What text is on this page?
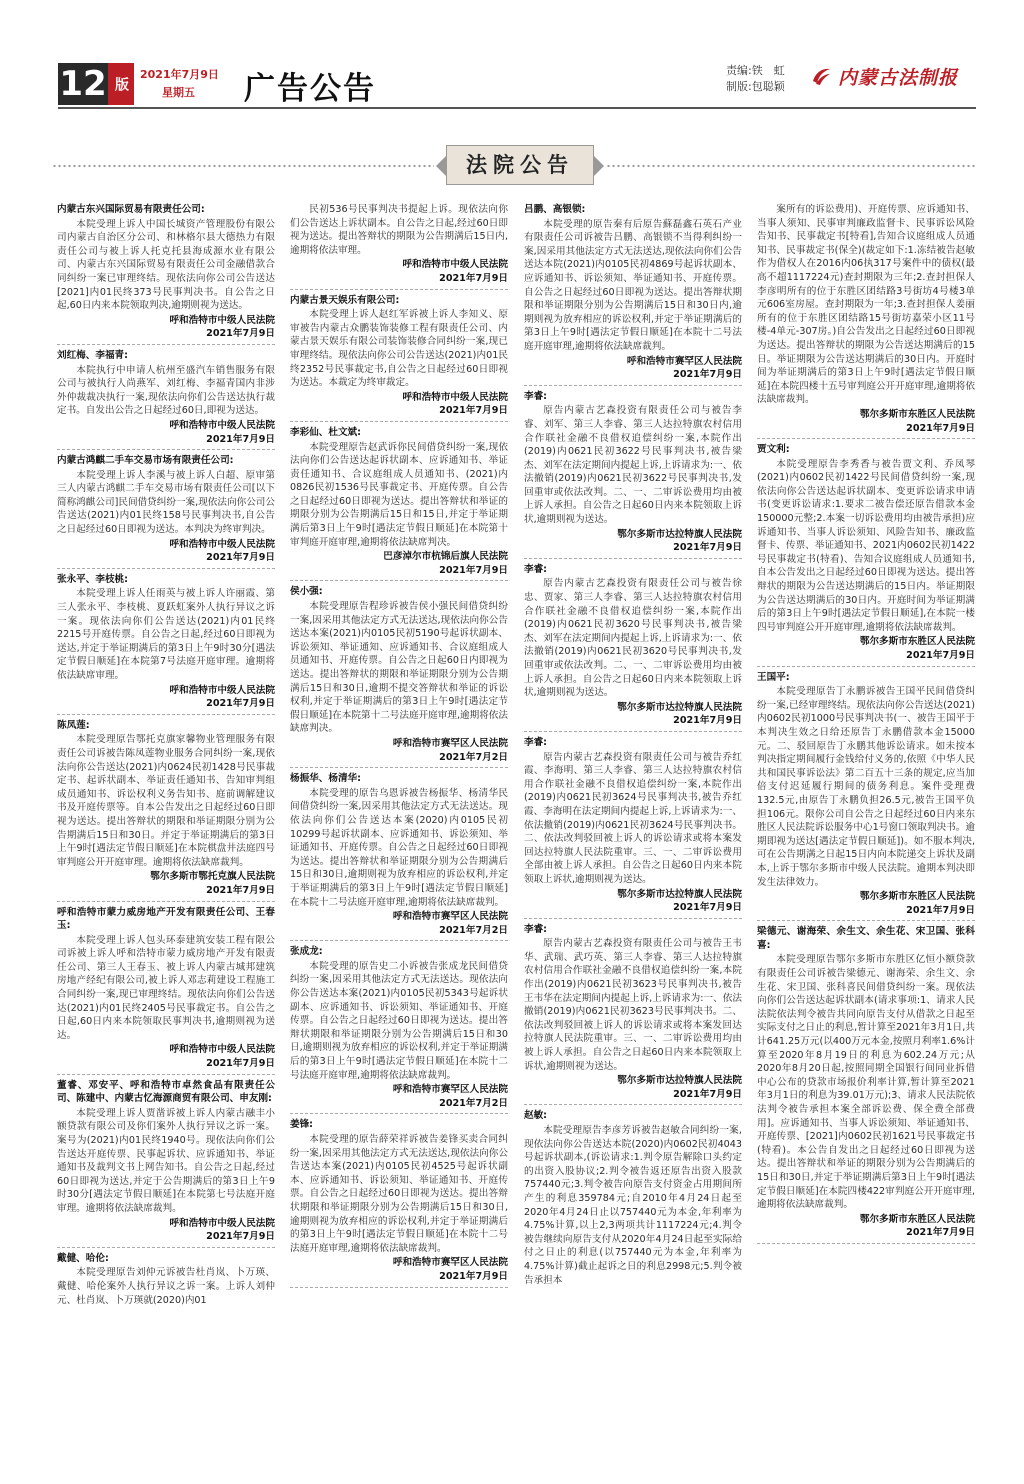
12 版
2021年7月9日
星期五	广告公告
责编:铁　虹
制版:包聪颖	内蒙古法制报
法院公告
内蒙古东兴国际贸易有限责任公司:
本院受理上诉人中国长城资产管理股份有限公司内蒙古自治区分公司、和林格尔县大德热力有限责任公司与被上诉人托克托县海成源水业有限公司、内蒙古东兴国际贸易有限责任公司金融借款合同纠纷一案已审理终结。现依法向你公司公告送达[2021]内01民终373号民事判决书。自公告之日起,60日内来本院领取判决,逾期则视为送达。
呼和浩特市中级人民法院
2021年7月9日
刘红梅、李福青:
本院执行中申请人杭州至盛汽车销售服务有限公司与被执行人尚燕军、刘红梅、李福青国内非涉外仲裁裁决执行一案,现依法向你们公告送达执行裁定书。自发出公告之日起经过60日,即视为送达。
呼和浩特市中级人民法院
2021年7月9日
内蒙古鸿麒二手车交易市场有限责任公司:
本院受理上诉人李溪与被上诉人白超、原审第三人内蒙古鸿麒二手车交易市场有限责任公司[以下简称鸿麒公司]民间借贷纠纷一案,现依法向你公司公告送达(2021)内01民终158号民事判决书,自公告之日起经过60日即视为送达。本判决为终审判决。
呼和浩特市中级人民法院
2021年7月9日
张永平、李枝桃:
本院受理上诉人任雨英与被上诉人许丽霞、第三人张永平、李枝桃、夏跃虹案外人执行异议之诉一案。现依法向你们公告送达(2021)内01民终2215号开庭传票。自公告之日起,经过60日即视为送达,并定于举证期满后的第3日上午9时30分[遇法定节假日顺延]在本院第7号法庭开庭审理。逾期将依法缺席审理。
呼和浩特市中级人民法院
2021年7月9日
陈凤莲:
本院受理原告鄂托克旗家馨物业管理服务有限责任公司诉被告陈凤莲物业服务合同纠纷一案,现依法向你公告送达(2021)内0624民初1428号民事裁定书、起诉状副本、举证责任通知书、告知审判组成员通知书、诉讼权利义务告知书、庭前调解建议书及开庭传票等。自本公告发出之日起经过60日即视为送达。提出答辩状的期限和举证期限分别为公告期满后15日和30日。并定于举证期满后的第3日上午9时[遇法定节假日顺延]在本院棋盘井法庭四号审判庭公开开庭审理。逾期将依法缺席裁判。
鄂尔多斯市鄂托克旗人民法院
2021年7月9日
呼和浩特市蒙力威房地产开发有限责任公司、王春玉:
本院受理上诉人包头环泰建筑安装工程有限公司诉被上诉人呼和浩特市蒙力威房地产开发有限责任公司、第三人王春玉、被上诉人内蒙古城邦建筑房地产经纪有限公司,被上诉人邓志莉建设工程施工合同纠纷一案,现已审理终结。现依法向你们公告送达(2021)内01民终2405号民事裁定书。自公告之日起,60日内来本院领取民事判决书,逾期则视为送达。
呼和浩特市中级人民法院
2021年7月9日
董睿、邓安平、呼和浩特市卓然食品有限责任公司、陈建中、内蒙古忆海源商贸有限公司、申友刚:
本院受理上诉人贾凿诉被上诉人内蒙古融丰小额贷款有限公司及你们案外人执行异议之诉一案。案号为(2021)内01民终1940号。现依法向你们公告送达开庭传票、民事起诉状、应诉通知书、举证通知书及裁判文书上网告知书。自公告之日起,经过60日即视为送达,并定于公告期满后的第3日上午9时30分[遇法定节假日顺延]在本院第七号法庭开庭审理。逾期将依法缺席裁判。
呼和浩特市中级人民法院
2021年7月9日
戴健、哈伦:
本院受理原告刘仲元诉被告杜肖岚、卜万瑛、戴健、哈伦案外人执行异议之诉一案。上诉人刘仲元、杜肖岚、卜万瑛就(2020)内01
民初536号民事判决书提起上诉。现依法向你们公告送达上诉状副本。自公告之日起,经过60日即视为送达。提出答辩状的期限为公告期满后15日内,逾期将依法审理。
呼和浩特市中级人民法院
2021年7月9日
内蒙古景天娱乐有限公司:
本院受理上诉人赵红军诉被上诉人李知义、原审被告内蒙古众鹏装饰装修工程有限责任公司、内蒙古景天娱乐有限公司装饰装修合同纠纷一案,现已审理终结。现依法向你公司公告送达(2021)内01民终2352号民事裁定书,自公告之日起经过60日即视为送达。本裁定为终审裁定。
呼和浩特市中级人民法院
2021年7月9日
李彩仙、杜文斌:
本院受理原告赵武诉你民间借贷纠纷一案,现依法向你们公告送达起诉状副本、应诉通知书、举证责任通知书、合议庭组成人员通知书、(2021)内0826民初1536号民事裁定书、开庭传票。自公告之日起经过60日即视为送达。提出答辩状和举证的期限分别为公告期满后15日和15日,并定于举证期满后第3日上午9时[遇法定节假日顺延]在本院第十审判庭开庭审理,逾期将依法缺席判决。
巴彦淖尔市杭锦后旗人民法院
2021年7月9日
侯小强:
本院受理原告程珍诉被告侯小强民间借贷纠纷一案,因采用其他法定方式无法送达,现依法向你公告送达本案(2021)内0105民初5190号起诉状副本、诉讼须知、举证通知、应诉通知书、合议庭组成人员通知书、开庭传票。自公告之日起60日内即视为送达。提出答辩状的期限和举证期限分别为公告期满后15日和30日,逾期不提交答辩状和举证的诉讼权利,并定于举证期满后的第3日上午9时[遇法定节假日顺延]在本院第十二号法庭开庭审理,逾期将依法缺席判决。
呼和浩特市赛罕区人民法院
2021年7月2日
杨振华、杨清华:
本院受理的原告乌恩诉被告杨振华、杨清华民间借贷纠纷一案,因采用其他法定方式无法送达。现依法向你们公告送达本案(2020)内0105民初10299号起诉状副本、应诉通知书、诉讼须知、举证通知书、开庭传票。自公告之日起经过60日即视为送达。提出答辩状和举证期限分别为公告期满后15日和30日,逾期则视为放弃相应的诉讼权利,并定于举证期满后的第3日上午9时[遇法定节假日顺延]在本院十二号法庭开庭审理,逾期将依法缺席裁判。
呼和浩特市赛罕区人民法院
2021年7月2日
张成龙:
本院受理的原告史二小诉被告张成龙民间借贷纠纷一案,因采用其他法定方式无法送达。现依法向你公告送达本案(2021)内0105民初5343号起诉状副本、应诉通知书、诉讼须知、举证通知书、开庭传票。自公告之日起经过60日即视为送达。提出答辩状期限和举证期限分别为公告期满后15日和30日,逾期则视为放弃相应的诉讼权利,并定于举证期满后的第3日上午9时[遇法定节假日顺延]在本院十二号法庭开庭审理,逾期将依法缺席裁判。
呼和浩特市赛罕区人民法院
2021年7月2日
姜锋:
本院受理的原告薛荣祥诉被告姜锋买卖合同纠纷一案,因采用其他法定方式无法送达,现依法向你公告送达本案(2021)内0105民初4525号起诉状副本、应诉通知书、诉讼须知、举证通知书、开庭传票。自公告之日起经过60日即视为送达。提出答辩状期限和举证期限分别为公告期满后15日和30日,逾期则视为放弃相应的诉讼权利,并定于举证期满后的第3日上午9时[遇法定节假日顺延]在本院十二号法庭开庭审理,逾期将依法缺席裁判。
呼和浩特市赛罕区人民法院
2021年7月9日
吕鹏、高银锁:
本院受理的原告秦有后原告蘇磊鑫石英石产业有限责任公司诉被告吕鹏、高银锁不当得利纠纷一案,因采用其他法定方式无法送达,现依法向你们公告送达本院(2021)内0105民初4869号起诉状副本、应诉通知书、诉讼须知、举证通知书、开庭传票。自公告之日起经过60日即视为送达。提出答辩状期限和举证期限分别为公告期满后15日和30日内,逾期则视为放弃相应的诉讼权利,并定于举证期满后的第3日上午9时[遇法定节假日顺延]在本院十二号法庭开庭审理,逾期将依法缺席裁判。
呼和浩特市赛罕区人民法院
2021年7月9日
李睿:
原告内蒙古艺森投资有限责任公司与被告李睿、刘军、第三人李睿、第三人达拉特旗农村信用合作联社金融不良借权追偿纠纷一案,本院作出(2019)内0621民初3622号民事判决书,被告梁杰、刘军在法定期间内提起上诉,上诉请求为:一、依法撤销(2019)内0621民初3622号民事判决书,发回重审或依法改判。二、一、二审诉讼费用均由被上诉人承担。自公告之日起60日内来本院领取上诉状,逾期则视为送达。
鄂尔多斯市达拉特旗人民法院
2021年7月9日
李睿:
原告内蒙古艺森投资有限责任公司与被告徐忠、贾家、第三人李睿、第三人达拉特旗农村信用合作联社金融不良借权追偿纠纷一案,本院作出(2019)内0621民初3620号民事判决书,被告梁杰、刘军在法定期间内提起上诉,上诉请求为:一、依法撤销(2019)内0621民初3620号民事判决书,发回重审或依法改判。二、一、二审诉讼费用均由被上诉人承担。自公告之日起60日内来本院领取上诉状,逾期则视为送达。
鄂尔多斯市达拉特旗人民法院
2021年7月9日
李睿:
原告内蒙古艺森投资有限责任公司与被告乔红霞、李海明、第三人李睿、第三人达拉特旗农村信用合作联社金融不良借权追偿纠纷一案,本院作出(2019)内0621民初3624号民事判决书,被告乔红霞、李海明在法定期间内提起上诉,上诉请求为:一、依法撤销(2019)内0621民初3624号民事判决书。二、依法改判驳回被上诉人的诉讼请求或将本案发回达拉特旗人民法院重审。三、一、二审诉讼费用全部由被上诉人承担。自公告之日起60日内来本院领取上诉状,逾期则视为送达。
鄂尔多斯市达拉特旗人民法院
2021年7月9日
李睿:
原告内蒙古艺森投资有限责任公司与被告王韦华、武瑞、武巧英、第三人李睿、第三人达拉特旗农村信用合作联社金融不良借权追偿纠纷一案,本院作出(2019)内0621民初3623号民事判决书,被告王韦华在法定期间内提起上诉,上诉请求为:一、依法撤销(2019)内0621民初3623号民事判决书。二、依法改判驳回被上诉人的诉讼请求或将本案发回达拉特旗人民法院重审。三、一、二审诉讼费用均由被上诉人承担。自公告之日起60日内来本院领取上诉状,逾期则视为送达。
鄂尔多斯市达拉特旗人民法院
2021年7月9日
赵敏:
本院受理原告李彦芳诉被告赵敏合同纠纷一案,现依法向你公告送达本院(2020)内0602民初4043号起诉状副本,(诉讼请求:1.判令原告解除口头约定的出资入股协议;2.判令被告返还原告出资入股款757440元;3.判令被告向原告支付资金占用期间所产生的利息359784元;自2010年4月24日起至2020年4月24日止以757440元为本金,年利率为4.75%计算,以上2,3两项共计1117224元;4.判令被告继续向原告支付从2020年4月24日起至实际给付之日止的利息(以757440元为本金,年利率为4.75%计算)截止起诉之日的利息2998元;5.判令被告承担本
案所有的诉讼费用)、开庭传票、应诉通知书、当事人须知、民事审判廉政监督卡、民事诉讼风险告知书、民事裁定书[特看],告知合议庭组成人员通知书、民事裁定书(保全)(裁定如下:1.冻结被告赵敏作为借权人在2016内06执317号案件中的债权(最高不超1117224元)查封期限为三年;2.查封担保人李彦明所有的位于东胜区团结路3号街坊4号楼3单元606室房屋。查封期限为一年;3.查封担保人姜丽所有的位于东胜区团结路15号街坊嘉荣小区11号楼-4单元-307房。)自公告发出之日起经过60日即视为送达。提出答辩状的期限为公告送达期满后的15日。举证期限为公告送达期满后的30日内。开庭时间为举证期满后的第3日上午9时[遇法定节假日顺延]在本院四楼十五号审判庭公开开庭审理,逾期将依法缺席裁判。
鄂尔多斯市东胜区人民法院
2021年7月9日
贾文利:
本院受理原告李秀香与被告贾文利、乔凤琴(2021)内0602民初1422号民间借贷纠纷一案,现依法向你公告送达起诉状副本、变更诉讼请求申请书(变更诉讼请求:1.要求二被告偿还原告借款本金150000元整;2.本案一切诉讼费用均由被告承担)应诉通知书、当事人诉讼须知、风险告知书、廉政监督卡、传票、举证通知书、2021内0602民初1422号民事裁定书(特看)、告知合议庭组成人员通知书,自本公告发出之日起经过60日即视为送达。提出答辩状的期限为公告送达期满后的15日内。举证期限为公告送达期满后的30日内。开庭时间为举证期满后的第3日上午9时[遇法定节假日顺延],在本院一楼四号审判庭公开开庭审理,逾期将依法缺席裁判。
鄂尔多斯市东胜区人民法院
2021年7月9日
王国平:
本院受理原告丁永鹏诉被告王国平民间借贷纠纷一案,已经审理终结。现依法向你公告送达(2021)内0602民初1000号民事判决书(一、被告王国平于本判决生效之日给还原告丁永鹏借款本金15000元。二、驳回原告丁永鹏其他诉讼请求。如未按本判决指定期间履行金钱给付义务的,依照《中华人民共和国民事诉讼法》第二百五十三条的规定,应当加倍支付迟延履行期间的债务利息。案件受理费132.5元,由原告丁永鹏负担26.5元,被告王国平负担106元。限你公司自公告之日起经过60日内来东胜区人民法院诉讼服务中心1号窗口领取判决书。逾期即视为送达[遇法定节假日顺延])。如不服本判决,可在公告期满之日起15日内向本院递交上诉状及副本,上诉于鄂尔多斯市中级人民法院。逾期本判决即发生法律效力。
鄂尔多斯市东胜区人民法院
2021年7月9日
梁德元、谢海荣、余生文、余生花、宋卫国、张科喜:
本院受理原告鄂尔多斯市东胜区亿恒小额贷款有限责任公司诉被告梁德元、谢海荣、余生文、余生花、宋卫国、张科喜民间借贷纠纷一案。现依法向你们公告送达起诉状副本(请求事项:1、请求人民法院依法判令被告共同向原告支付从借款之日起至实际支付之日止的利息,暂计算至2021年3月1日,共计641.25万元(以400万元本金,按照月利率1.6%计算至2020年8月19日的利息为602.24万元;从2020年8月20日起,按照同期全国银行间同业拆借中心公布的贷款市场报价利率计算,暂计算至2021年3月1日的利息为39.01万元);3、请求人民法院依法判令被告承担本案全部诉讼费、保全费全部费用]。应诉通知书、当事人诉讼须知、举证通知书、开庭传票、[2021]内0602民初1621号民事裁定书(特看)。本公告自发出之日起经过60日即视为送达。提出答辩状和举证的期限分别为公告期满后的15日和30日,并定于举证期满后第3日上午9时[遇法定节假日顺延]在本院四楼422审判庭公开开庭审理,逾期将依法缺席裁判。
鄂尔多斯市东胜区人民法院
2021年7月9日
